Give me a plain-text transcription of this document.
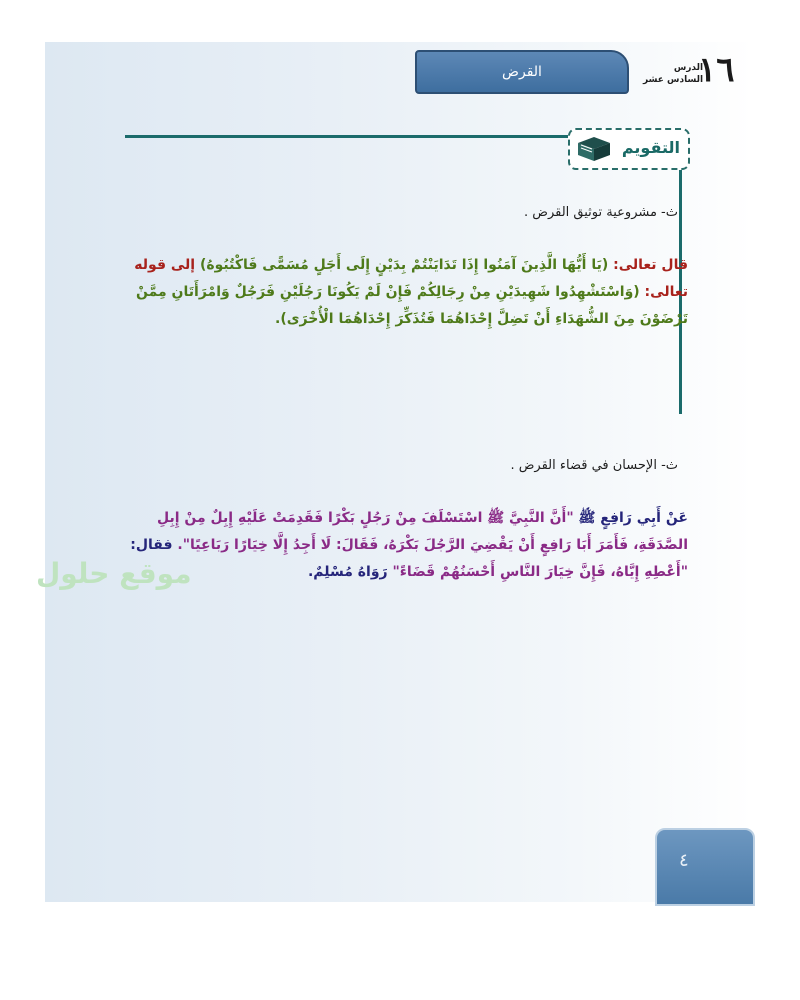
القرض	الدرس
السادس عشر
١٦
التقويم
ث- مشروعية توثيق القرض .
قال تعالى: (يَا أَيُّهَا الَّذِينَ آمَنُوا إِذَا تَدَايَنْتُمْ بِدَيْنٍ إِلَى أَجَلٍ مُسَمًّى فَاكْتُبُوهُ) إلى قوله تعالى: (وَاسْتَشْهِدُوا شَهِيدَيْنِ مِنْ رِجَالِكُمْ فَإِنْ لَمْ يَكُونَا رَجُلَيْنِ فَرَجُلٌ وَامْرَأَتَانِ مِمَّنْ تَرْضَوْنَ مِنَ الشُّهَدَاءِ أَنْ تَضِلَّ إِحْدَاهُمَا فَتُذَكِّرَ إِحْدَاهُمَا الْأُخْرَى).
ث- الإحسان في قضاء القرض .
عَنْ أَبِي رَافِعٍ ﷺ "أَنَّ النَّبِيَّ ﷺ اسْتَسْلَفَ مِنْ رَجُلٍ بَكْرًا فَقَدِمَتْ عَلَيْهِ إِبِلٌ مِنْ إِبِلِ الصَّدَقَةِ، فَأَمَرَ أَبَا رَافِعٍ أَنْ يَقْضِيَ الرَّجُلَ بَكْرَهُ، فَقَالَ: لَا أَجِدُ إِلَّا خِيَارًا رَبَاعِيًا". فقال: "أَعْطِهِ إِيَّاهُ، فَإِنَّ خِيَارَ النَّاسِ أَحْسَنُهُمْ قَضَاءً" رَوَاهُ مُسْلِمٌ.
موقع حلول
٤
